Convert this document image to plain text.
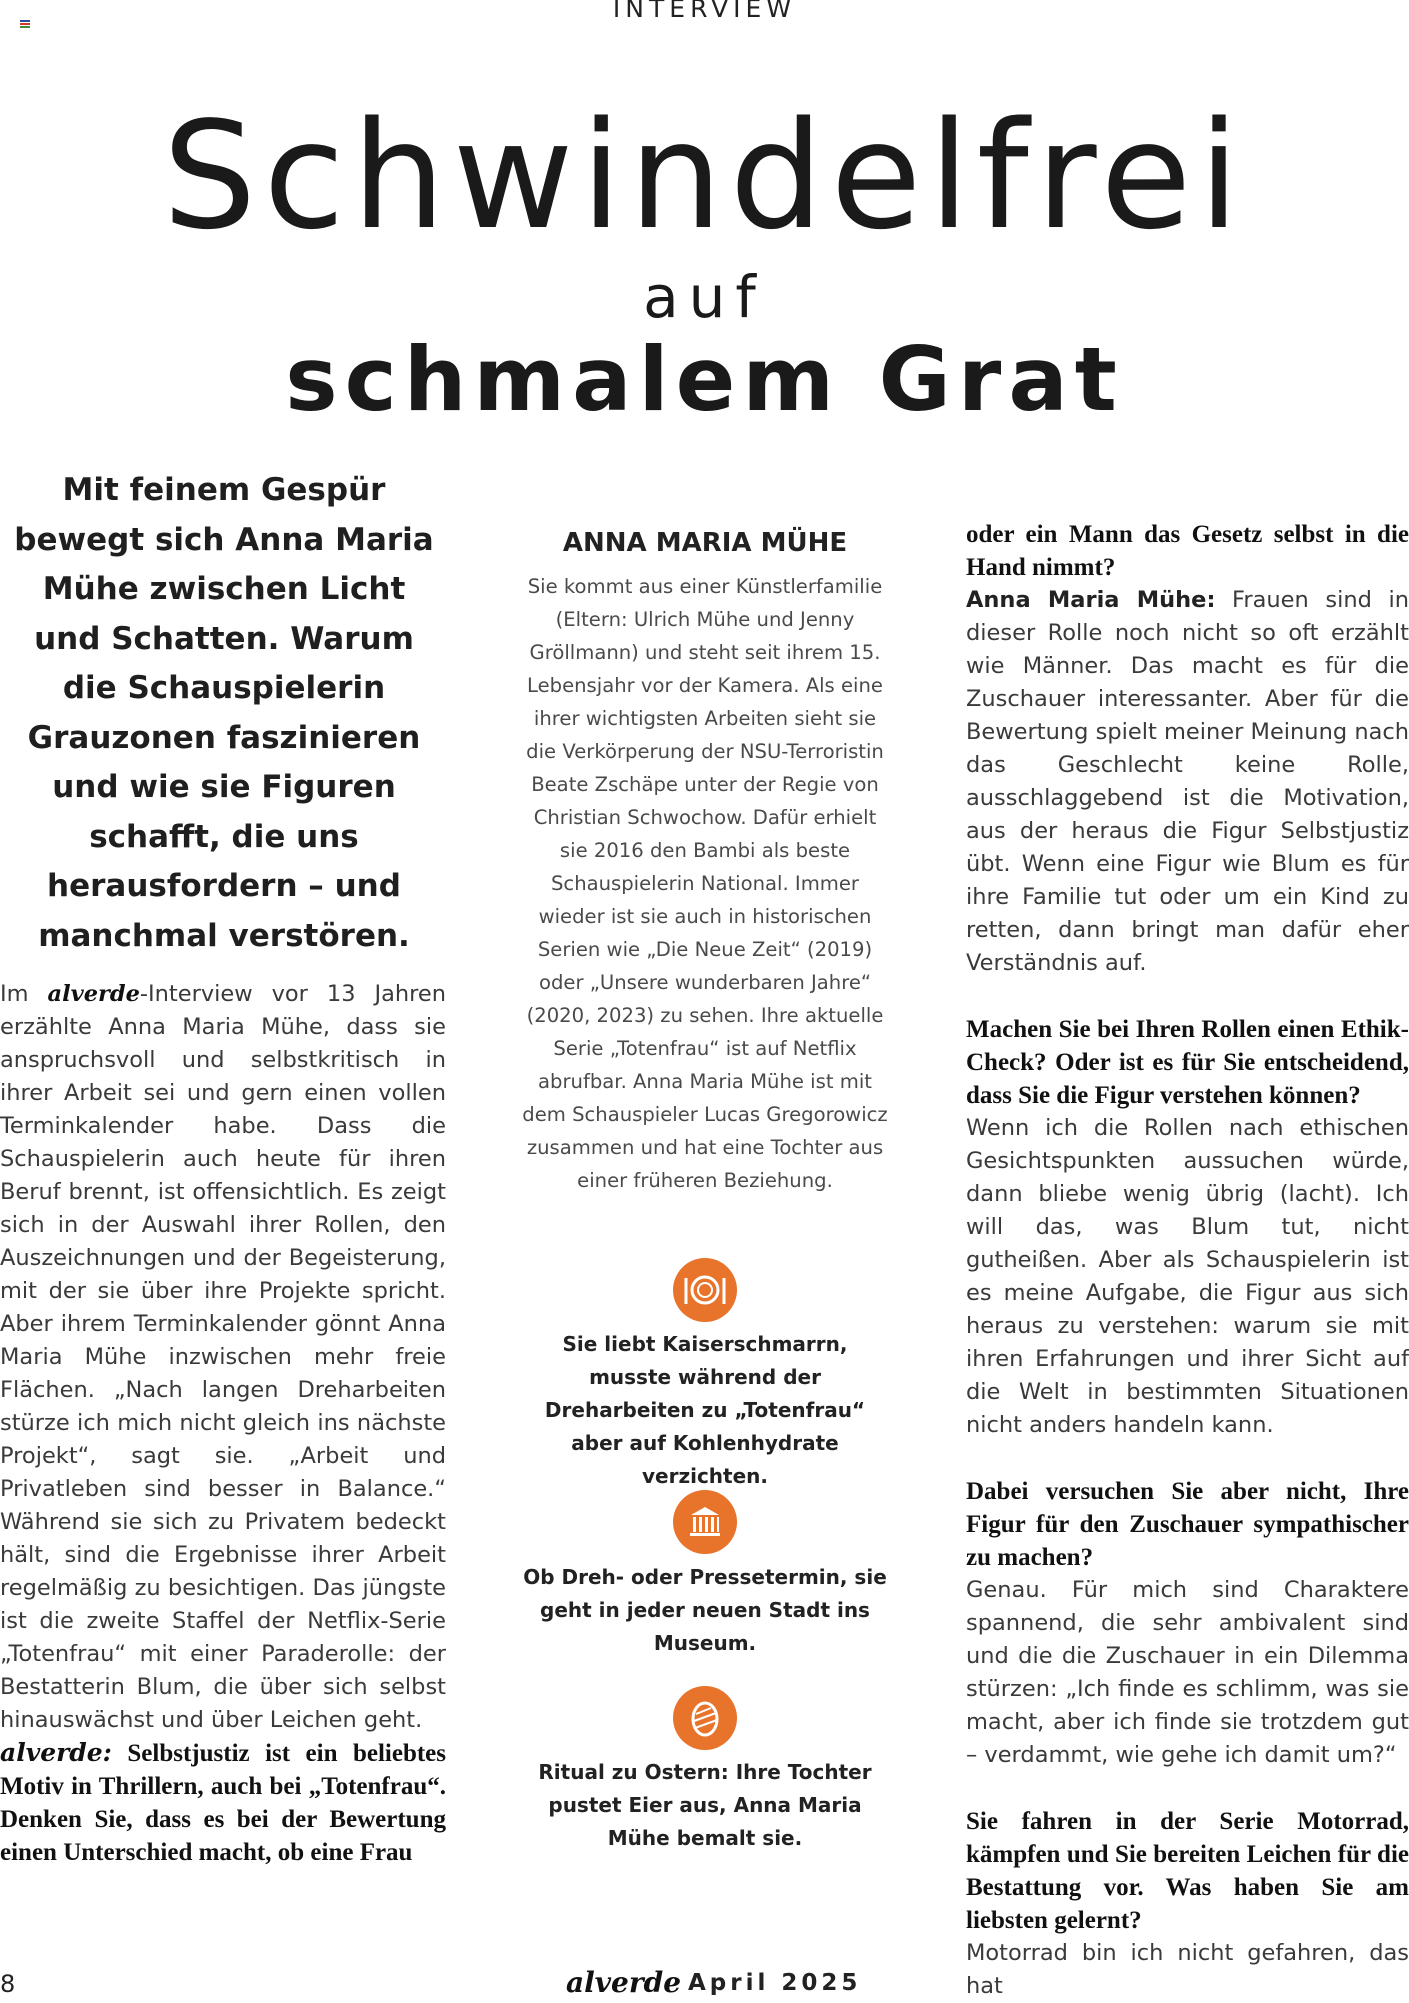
INTERVIEW
Schwindelfrei
auf
schmalem Grat
Mit feinem Gespür bewegt sich Anna Maria Mühe zwischen Licht und Schatten. Warum die Schauspielerin Grauzonen faszinieren und wie sie Figuren schafft, die uns herausfordern – und manchmal verstören.
Im alverde-Interview vor 13 Jahren erzählte Anna Maria Mühe, dass sie anspruchsvoll und selbstkritisch in ihrer Arbeit sei und gern einen vollen Terminkalender habe. Dass die Schauspielerin auch heute für ihren Beruf brennt, ist offensichtlich. Es zeigt sich in der Auswahl ihrer Rollen, den Auszeichnungen und der Begeisterung, mit der sie über ihre Projekte spricht. Aber ihrem Terminkalender gönnt Anna Maria Mühe inzwischen mehr freie Flächen. „Nach langen Dreharbeiten stürze ich mich nicht gleich ins nächste Projekt“, sagt sie. „Arbeit und Privatleben sind besser in Balance.“ Während sie sich zu Privatem bedeckt hält, sind die Ergebnisse ihrer Arbeit regelmäßig zu besichtigen. Das jüngste ist die zweite Staffel der Netflix-Serie „Totenfrau“ mit einer Paraderolle: der Bestatterin Blum, die über sich selbst hinauswächst und über Leichen geht.
alverde: Selbstjustiz ist ein beliebtes Motiv in Thrillern, auch bei „Totenfrau“. Denken Sie, dass es bei der Bewertung einen Unterschied macht, ob eine Frau
ANNA MARIA MÜHE
Sie kommt aus einer Künstlerfamilie (Eltern: Ulrich Mühe und Jenny Gröllmann) und steht seit ihrem 15. Lebensjahr vor der Kamera. Als eine ihrer wichtigsten Arbeiten sieht sie die Verkörperung der NSU-Terroristin Beate Zschäpe unter der Regie von Christian Schwochow. Dafür erhielt sie 2016 den Bambi als beste Schauspielerin National. Immer wieder ist sie auch in historischen Serien wie „Die Neue Zeit“ (2019) oder „Unsere wunderbaren Jahre“ (2020, 2023) zu sehen. Ihre aktuelle Serie „Totenfrau“ ist auf Netflix abrufbar. Anna Maria Mühe ist mit dem Schauspieler Lucas Gregorowicz zusammen und hat eine Tochter aus einer früheren Beziehung.
Sie liebt Kaiserschmarrn, musste während der Dreharbeiten zu „Totenfrau“ aber auf Kohlenhydrate verzichten.
Ob Dreh- oder Pressetermin, sie geht in jeder neuen Stadt ins Museum.
Ritual zu Ostern: Ihre Tochter pustet Eier aus, Anna Maria Mühe bemalt sie.

oder ein Mann das Gesetz selbst in die Hand nimmt?

Anna Maria Mühe: Frauen sind in dieser Rolle noch nicht so oft erzählt wie Männer. Das macht es für die Zuschauer interessanter. Aber für die Bewertung spielt meiner Meinung nach das Geschlecht keine Rolle, ausschlaggebend ist die Motivation, aus der heraus die Figur Selbstjustiz übt. Wenn eine Figur wie Blum es für ihre Familie tut oder um ein Kind zu retten, dann bringt man dafür eher Verständnis auf.

Machen Sie bei Ihren Rollen einen Ethik-Check? Oder ist es für Sie entscheidend, dass Sie die Figur verstehen können?

Wenn ich die Rollen nach ethischen Gesichtspunkten aussuchen würde, dann bliebe wenig übrig (lacht). Ich will das, was Blum tut, nicht gutheißen. Aber als Schauspielerin ist es meine Aufgabe, die Figur aus sich heraus zu verstehen: warum sie mit ihren Erfahrungen und ihrer Sicht auf die Welt in bestimmten Situationen nicht anders handeln kann.

Dabei versuchen Sie aber nicht, Ihre Figur für den Zuschauer sympathischer zu machen?

Genau. Für mich sind Charaktere spannend, die sehr ambivalent sind und die die Zuschauer in ein Dilemma stürzen: „Ich finde es schlimm, was sie macht, aber ich finde sie trotzdem gut – verdammt, wie gehe ich damit um?“

Sie fahren in der Serie Motorrad, kämpfen und Sie bereiten Leichen für die Bestattung vor. Was haben Sie am liebsten gelernt?

Motorrad bin ich nicht gefahren, das hat

8	alverde April 2025
